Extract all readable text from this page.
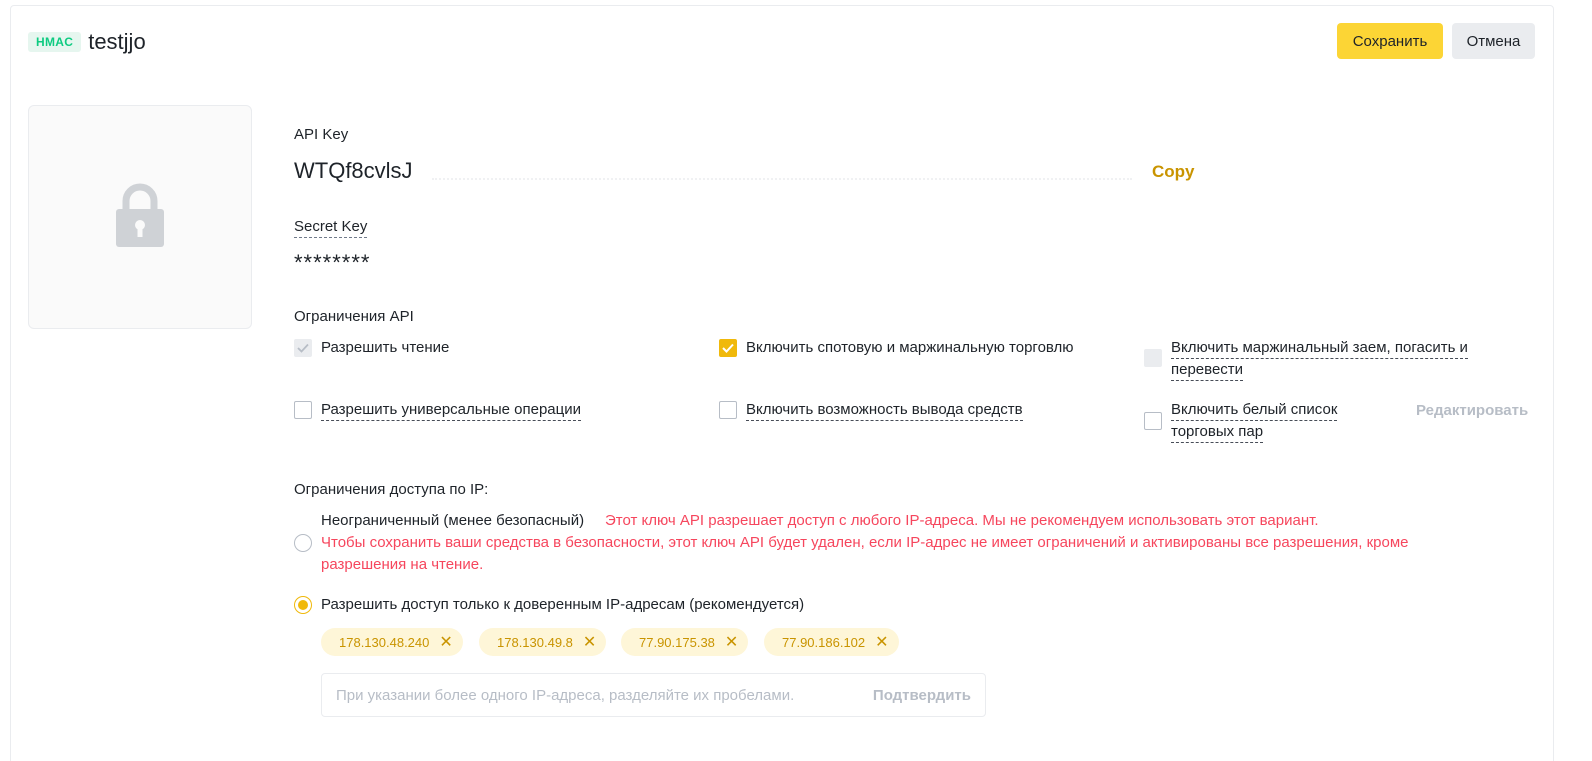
HMAC testjjo	Сохранить	Отмена
API Key
WTQf8cvlsJ	Copy
Secret Key
********
Ограничения API
Разрешить чтение	Включить спотовую и маржинальную торговлю	Включить маржинальный заем, погасить и перевести
Разрешить универсальные операции	Включить возможность вывода средств	Включить белый список торговых пар
Редактировать
Ограничения доступа по IP:
Неограниченный (менее безопасный) Этот ключ API разрешает доступ с любого IP-адреса. Мы не рекомендуем использовать этот вариант.
Чтобы сохранить ваши средства в безопасности, этот ключ API будет удален, если IP-адрес не имеет ограничений и активированы все разрешения, кроме
разрешения на чтение.
Разрешить доступ только к доверенным IP-адресам (рекомендуется)
178.130.48.240 ✕	178.130.49.8 ✕	77.90.175.38 ✕	77.90.186.102 ✕
При указании более одного IP-адреса, разделяйте их пробелами.
Подтвердить
